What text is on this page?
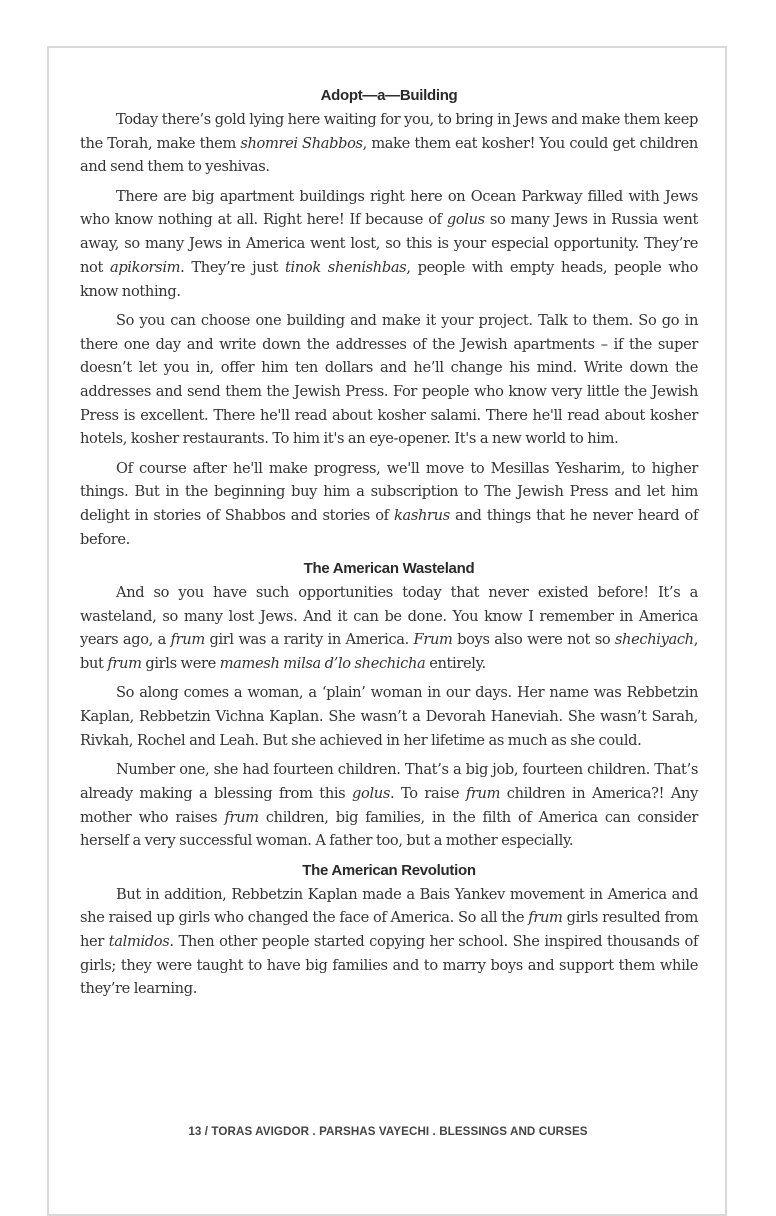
Adopt—a—Building

Today there’s gold lying here waiting for you, to bring in Jews and make them keep the Torah, make them shomrei Shabbos, make them eat kosher! You could get children and send them to yeshivas.

There are big apartment buildings right here on Ocean Parkway filled with Jews who know nothing at all. Right here! If because of golus so many Jews in Russia went away, so many Jews in America went lost, so this is your especial opportunity. They’re not apikorsim. They’re just tinok shenishbas, people with empty heads, people who know nothing.

So you can choose one building and make it your project. Talk to them. So go in there one day and write down the addresses of the Jewish apartments – if the super doesn’t let you in, offer him ten dollars and he’ll change his mind. Write down the addresses and send them the Jewish Press. For people who know very little the Jewish Press is excellent. There he'll read about kosher salami. There he'll read about kosher hotels, kosher restaurants. To him it's an eye-opener. It's a new world to him.

Of course after he'll make progress, we'll move to Mesillas Yesharim, to higher things. But in the beginning buy him a subscription to The Jewish Press and let him delight in stories of Shabbos and stories of kashrus and things that he never heard of before.

The American Wasteland

And so you have such opportunities today that never existed before! It’s a wasteland, so many lost Jews. And it can be done. You know I remember in America years ago, a frum girl was a rarity in America. Frum boys also were not so shechiyach, but frum girls were mamesh milsa d’lo shechicha entirely.

So along comes a woman, a ‘plain’ woman in our days. Her name was Rebbetzin Kaplan, Rebbetzin Vichna Kaplan. She wasn’t a Devorah Haneviah. She wasn’t Sarah, Rivkah, Rochel and Leah. But she achieved in her lifetime as much as she could.

Number one, she had fourteen children. That’s a big job, fourteen children. That’s already making a blessing from this golus. To raise frum children in America?! Any mother who raises frum children, big families, in the filth of America can consider herself a very successful woman. A father too, but a mother especially.

The American Revolution

But in addition, Rebbetzin Kaplan made a Bais Yankev movement in America and she raised up girls who changed the face of America. So all the frum girls resulted from her talmidos. Then other people started copying her school. She inspired thousands of girls; they were taught to have big families and to marry boys and support them while they’re learning.

13 / TORAS AVIGDOR . PARSHAS VAYECHI . BLESSINGS AND CURSES
